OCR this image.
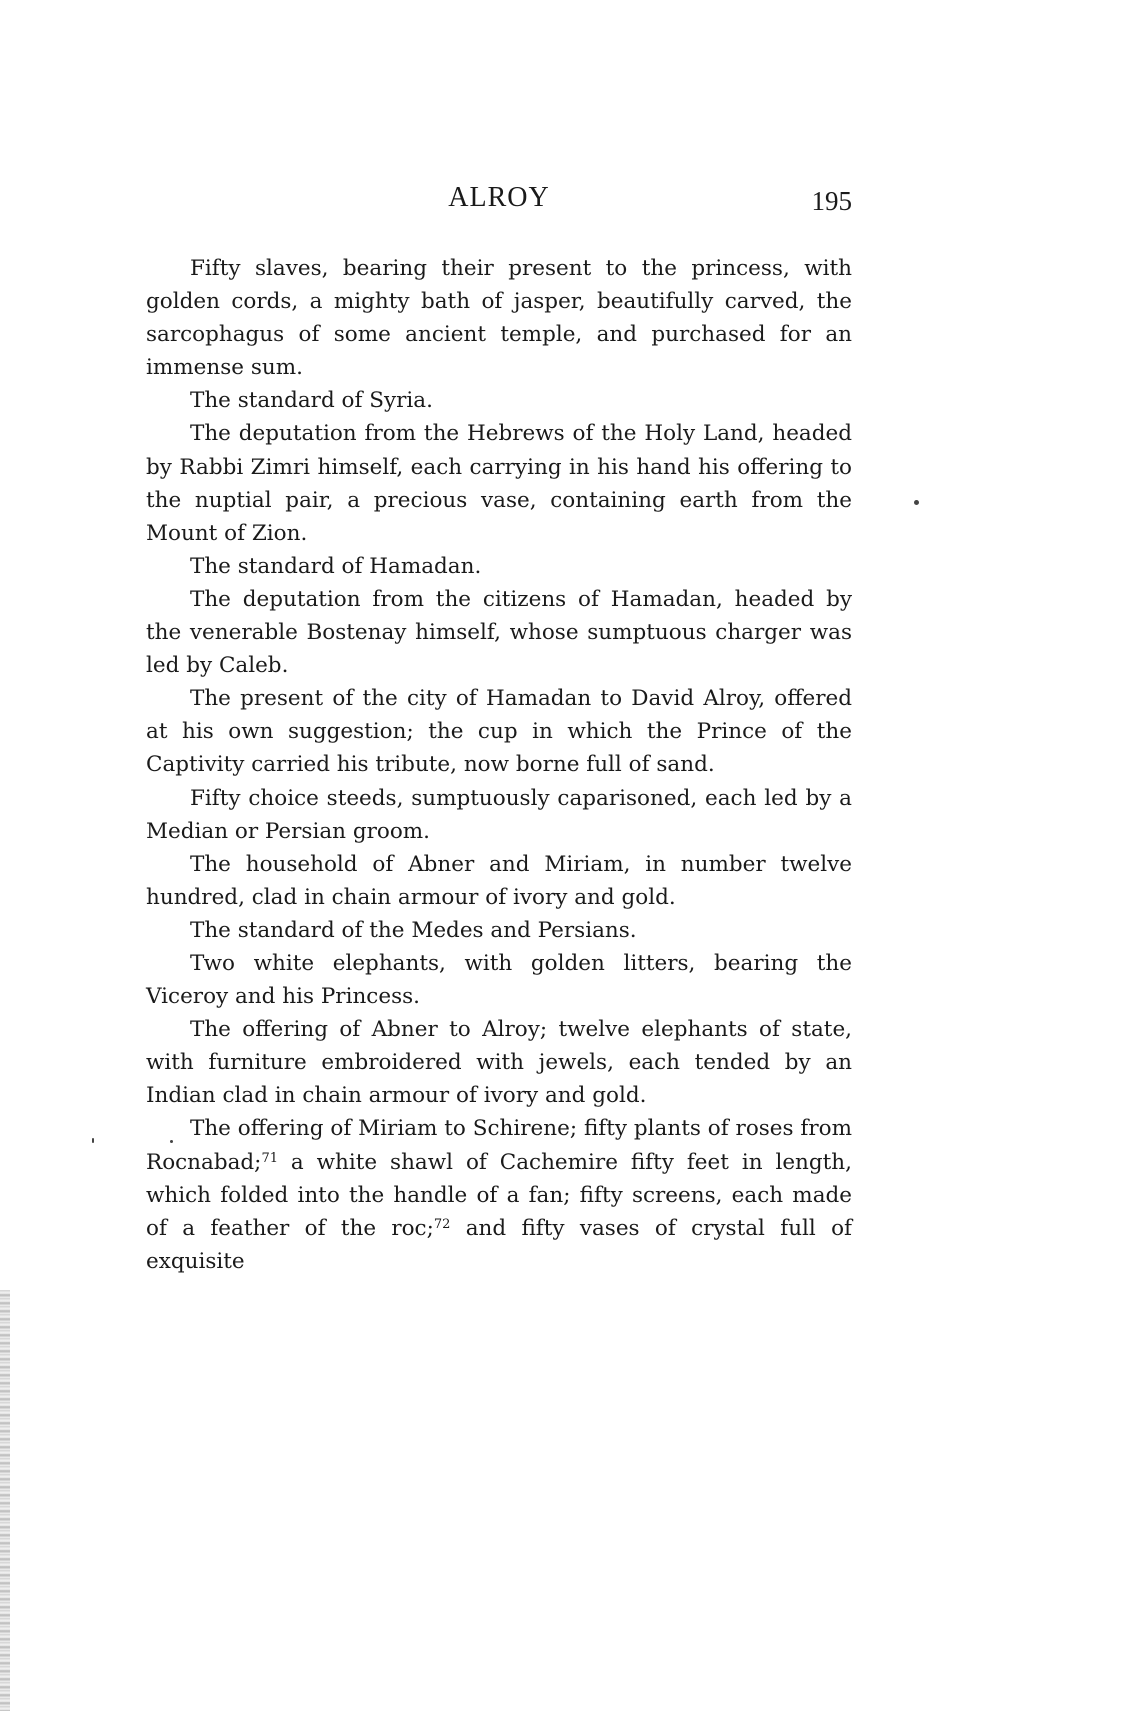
ALROY	195

Fifty slaves, bearing their present to the princess, with golden cords, a mighty bath of jasper, beautifully carved, the sarcophagus of some ancient temple, and purchased for an immense sum.

The standard of Syria.

The deputation from the Hebrews of the Holy Land, headed by Rabbi Zimri himself, each carrying in his hand his offering to the nuptial pair, a precious vase, containing earth from the Mount of Zion.

The standard of Hamadan.

The deputation from the citizens of Hamadan, headed by the venerable Bostenay himself, whose sumptuous charger was led by Caleb.

The present of the city of Hamadan to David Alroy, offered at his own suggestion; the cup in which the Prince of the Captivity carried his tribute, now borne full of sand.

Fifty choice steeds, sumptuously caparisoned, each led by a Median or Persian groom.

The household of Abner and Miriam, in number twelve hundred, clad in chain armour of ivory and gold.

The standard of the Medes and Persians.

Two white elephants, with golden litters, bearing the Viceroy and his Princess.

The offering of Abner to Alroy; twelve elephants of state, with furniture embroidered with jewels, each tended by an Indian clad in chain armour of ivory and gold.

The offering of Miriam to Schirene; fifty plants of roses from Rocnabad;$^{71}$ a white shawl of Cachemire fifty feet in length, which folded into the handle of a fan; fifty screens, each made of a feather of the roc;$^{72}$ and fifty vases of crystal full of exquisite
